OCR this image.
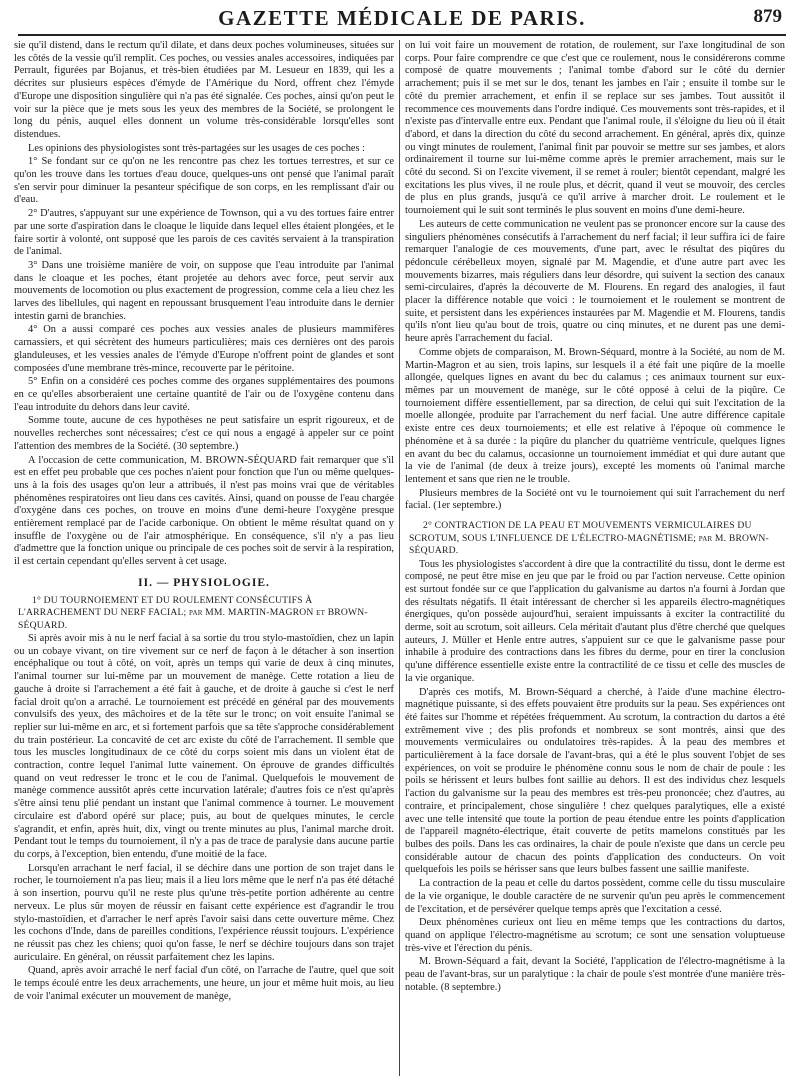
GAZETTE MÉDICALE DE PARIS.	879

sie qu'il distend, dans le rectum qu'il dilate, et dans deux poches volumineuses, situées sur les côtés de la vessie qu'il remplit. Ces poches, ou vessies anales accessoires, indiquées par Perrault, figurées par Bojanus, et très-bien étudiées par M. Lesueur en 1839, qui les a décrites sur plusieurs espèces d'émyde de l'Amérique du Nord, offrent chez l'émyde d'Europe une disposition singulière qui n'a pas été signalée. Ces poches, ainsi qu'on peut le voir sur la pièce que je mets sous les yeux des membres de la Société, se prolongent le long du pénis, auquel elles donnent un volume très-considérable lorsqu'elles sont distendues.

Les opinions des physiologistes sont très-partagées sur les usages de ces poches :

1° Se fondant sur ce qu'on ne les rencontre pas chez les tortues terrestres, et sur ce qu'on les trouve dans les tortues d'eau douce, quelques-uns ont pensé que l'animal paraît s'en servir pour diminuer la pesanteur spécifique de son corps, en les remplissant d'air ou d'eau.

2° D'autres, s'appuyant sur une expérience de Townson, qui a vu des tortues faire entrer par une sorte d'aspiration dans le cloaque le liquide dans lequel elles étaient plongées, et le faire sortir à volonté, ont supposé que les parois de ces cavités servaient à la transpiration de l'animal.

3° Dans une troisième manière de voir, on suppose que l'eau introduite par l'animal dans le cloaque et les poches, étant projetée au dehors avec force, peut servir aux mouvements de locomotion ou plus exactement de progression, comme cela a lieu chez les larves des libellules, qui nagent en repoussant brusquement l'eau introduite dans le dernier intestin garni de branchies.

4° On a aussi comparé ces poches aux vessies anales de plusieurs mammifères carnassiers, et qui sécrètent des humeurs particulières; mais ces dernières ont des parois glanduleuses, et les vessies anales de l'émyde d'Europe n'offrent point de glandes et sont composées d'une membrane très-mince, recouverte par le péritoine.

5° Enfin on a considéré ces poches comme des organes supplémentaires des poumons en ce qu'elles absorberaient une certaine quantité de l'air ou de l'oxygène contenu dans l'eau introduite du dehors dans leur cavité.

Somme toute, aucune de ces hypothèses ne peut satisfaire un esprit rigoureux, et de nouvelles recherches sont nécessaires; c'est ce qui nous a engagé à appeler sur ce point l'attention des membres de la Société. (30 septembre.)

A l'occasion de cette communication, M. BROWN-SÉQUARD fait remarquer que s'il est en effet peu probable que ces poches n'aient pour fonction que l'un ou même quelques-uns à la fois des usages qu'on leur a attribués, il n'est pas moins vrai que de véritables phénomènes respiratoires ont lieu dans ces cavités. Ainsi, quand on pousse de l'eau chargée d'oxygène dans ces poches, on trouve en moins d'une demi-heure l'oxygène presque entièrement remplacé par de l'acide carbonique. On obtient le même résultat quand on y insuffle de l'oxygène ou de l'air atmosphérique. En conséquence, s'il n'y a pas lieu d'admettre que la fonction unique ou principale de ces poches soit de servir à la respiration, il est certain cependant qu'elles servent à cet usage.

II. — PHYSIOLOGIE.

1° DU TOURNOIEMENT ET DU ROULEMENT CONSÉCUTIFS À L'ARRACHEMENT DU NERF FACIAL; par MM. MARTIN-MAGRON et BROWN-SÉQUARD.

Si après avoir mis à nu le nerf facial à sa sortie du trou stylo-mastoïdien, chez un lapin ou un cobaye vivant, on tire vivement sur ce nerf de façon à le détacher à son insertion encéphalique ou tout à côté, on voit, après un temps qui varie de deux à cinq minutes, l'animal tourner sur lui-même par un mouvement de manège. Cette rotation a lieu de gauche à droite si l'arrachement a été fait à gauche, et de droite à gauche si c'est le nerf facial droit qu'on a arraché. Le tournoiement est précédé en général par des mouvements convulsifs des yeux, des mâchoires et de la tête sur le tronc; on voit ensuite l'animal se replier sur lui-même en arc, et si fortement parfois que sa tête s'approche considérablement du train postérieur. La concavité de cet arc existe du côté de l'arrachement. Il semble que tous les muscles longitudinaux de ce côté du corps soient mis dans un violent état de contraction, contre lequel l'animal lutte vainement. On éprouve de grandes difficultés quand on veut redresser le tronc et le cou de l'animal. Quelquefois le mouvement de manège commence aussitôt après cette incurvation latérale; d'autres fois ce n'est qu'après s'être ainsi tenu plié pendant un instant que l'animal commence à tourner. Le mouvement circulaire est d'abord opéré sur place; puis, au bout de quelques minutes, le cercle s'agrandit, et enfin, après huit, dix, vingt ou trente minutes au plus, l'animal marche droit. Pendant tout le temps du tournoiement, il n'y a pas de trace de paralysie dans aucune partie du corps, à l'exception, bien entendu, d'une moitié de la face.

Lorsqu'en arrachant le nerf facial, il se déchire dans une portion de son trajet dans le rocher, le tournoiement n'a pas lieu; mais il a lieu lors même que le nerf n'a pas été détaché à son insertion, pourvu qu'il ne reste plus qu'une très-petite portion adhérente au centre nerveux. Le plus sûr moyen de réussir en faisant cette expérience est d'agrandir le trou stylo-mastoïdien, et d'arracher le nerf après l'avoir saisi dans cette ouverture même. Chez les cochons d'Inde, dans de pareilles conditions, l'expérience réussit toujours. L'expérience ne réussit pas chez les chiens; quoi qu'on fasse, le nerf se déchire toujours dans son trajet auriculaire. En général, on réussit parfaitement chez les lapins.

Quand, après avoir arraché le nerf facial d'un côté, on l'arrache de l'autre, quel que soit le temps écoulé entre les deux arrachements, une heure, un jour et même huit mois, au lieu de voir l'animal exécuter un mouvement de manège,

on lui voit faire un mouvement de rotation, de roulement, sur l'axe longitudinal de son corps. Pour faire comprendre ce que c'est que ce roulement, nous le considérerons comme composé de quatre mouvements ; l'animal tombe d'abord sur le côté du dernier arrachement; puis il se met sur le dos, tenant les jambes en l'air ; ensuite il tombe sur le côté du premier arrachement, et enfin il se replace sur ses jambes. Tout aussitôt il recommence ces mouvements dans l'ordre indiqué. Ces mouvements sont très-rapides, et il n'existe pas d'intervalle entre eux. Pendant que l'animal roule, il s'éloigne du lieu où il était d'abord, et dans la direction du côté du second arrachement. En général, après dix, quinze ou vingt minutes de roulement, l'animal finit par pouvoir se mettre sur ses jambes, et alors ordinairement il tourne sur lui-même comme après le premier arrachement, mais sur le côté du second. Si on l'excite vivement, il se remet à rouler; bientôt cependant, malgré les excitations les plus vives, il ne roule plus, et décrit, quand il veut se mouvoir, des cercles de plus en plus grands, jusqu'à ce qu'il arrive à marcher droit. Le roulement et le tournoiement qui le suit sont terminés le plus souvent en moins d'une demi-heure.

Les auteurs de cette communication ne veulent pas se prononcer encore sur la cause des singuliers phénomènes consécutifs à l'arrachement du nerf facial; il leur suffira ici de faire remarquer l'analogie de ces mouvements, d'une part, avec le résultat des piqûres du pédoncule cérébelleux moyen, signalé par M. Magendie, et d'une autre part avec les mouvements bizarres, mais réguliers dans leur désordre, qui suivent la section des canaux semi-circulaires, d'après la découverte de M. Flourens. En regard des analogies, il faut placer la différence notable que voici : le tournoiement et le roulement se montrent de suite, et persistent dans les expériences instaurées par M. Magendie et M. Flourens, tandis qu'ils n'ont lieu qu'au bout de trois, quatre ou cinq minutes, et ne durent pas une demi-heure après l'arrachement du facial.

Comme objets de comparaison, M. Brown-Séquard, montre à la Société, au nom de M. Martin-Magron et au sien, trois lapins, sur lesquels il a été fait une piqûre de la moelle allongée, quelques lignes en avant du bec du calamus ; ces animaux tournent sur eux-mêmes par un mouvement de manège, sur le côté opposé à celui de la piqûre. Ce tournoiement diffère essentiellement, par sa direction, de celui qui suit l'excitation de la moelle allongée, produite par l'arrachement du nerf facial. Une autre différence capitale existe entre ces deux tournoiements; et elle est relative à l'époque où commence le phénomène et à sa durée : la piqûre du plancher du quatrième ventricule, quelques lignes en avant du bec du calamus, occasionne un tournoiement immédiat et qui dure autant que la vie de l'animal (de deux à treize jours), excepté les moments où l'animal marche lentement et sans que rien ne le trouble.

Plusieurs membres de la Société ont vu le tournoiement qui suit l'arrachement du nerf facial. (1er septembre.)

2° CONTRACTION DE LA PEAU ET MOUVEMENTS VERMICULAIRES DU SCROTUM, SOUS L'INFLUENCE DE L'ÉLECTRO-MAGNÉTISME; par M. BROWN-SÉQUARD.

Tous les physiologistes s'accordent à dire que la contractilité du tissu, dont le derme est composé, ne peut être mise en jeu que par le froid ou par l'action nerveuse. Cette opinion est surtout fondée sur ce que l'application du galvanisme au dartos n'a fourni à Jordan que des résultats négatifs. Il était intéressant de chercher si les appareils électro-magnétiques énergiques, qu'on possède aujourd'hui, seraient impuissants à exciter la contractilité du derme, soit au scrotum, soit ailleurs. Cela méritait d'autant plus d'être cherché que quelques auteurs, J. Müller et Henle entre autres, s'appuient sur ce que le galvanisme passe pour inhabile à produire des contractions dans les fibres du derme, pour en tirer la conclusion qu'une différence essentielle existe entre la contractilité de ce tissu et celle des muscles de la vie organique.

D'après ces motifs, M. Brown-Séquard a cherché, à l'aide d'une machine électro-magnétique puissante, si des effets pouvaient être produits sur la peau. Ses expériences ont été faites sur l'homme et répétées fréquemment. Au scrotum, la contraction du dartos a été extrêmement vive ; des plis profonds et nombreux se sont montrés, ainsi que des mouvements vermiculaires ou ondulatoires très-rapides. À la peau des membres et particulièrement à la face dorsale de l'avant-bras, qui a été le plus souvent l'objet de ses expériences, on voit se produire le phénomène connu sous le nom de chair de poule : les poils se hérissent et leurs bulbes font saillie au dehors. Il est des individus chez lesquels l'action du galvanisme sur la peau des membres est très-peu prononcée; chez d'autres, au contraire, et principalement, chose singulière ! chez quelques paralytiques, elle a existé avec une telle intensité que toute la portion de peau étendue entre les points d'application de l'appareil magnéto-électrique, était couverte de petits mamelons constitués par les bulbes des poils. Dans les cas ordinaires, la chair de poule n'existe que dans un cercle peu considérable autour de chacun des points d'application des conducteurs. On voit quelquefois les poils se hérisser sans que leurs bulbes fassent une saillie manifeste.

La contraction de la peau et celle du dartos possèdent, comme celle du tissu musculaire de la vie organique, le double caractère de ne survenir qu'un peu après le commencement de l'excitation, et de persévérer quelque temps après que l'excitation a cessé.

Deux phénomènes curieux ont lieu en même temps que les contractions du dartos, quand on applique l'électro-magnétisme au scrotum; ce sont une sensation voluptueuse très-vive et l'érection du pénis.

M. Brown-Séquard a fait, devant la Société, l'application de l'électro-magnétisme à la peau de l'avant-bras, sur un paralytique : la chair de poule s'est montrée d'une manière très-notable. (8 septembre.)
